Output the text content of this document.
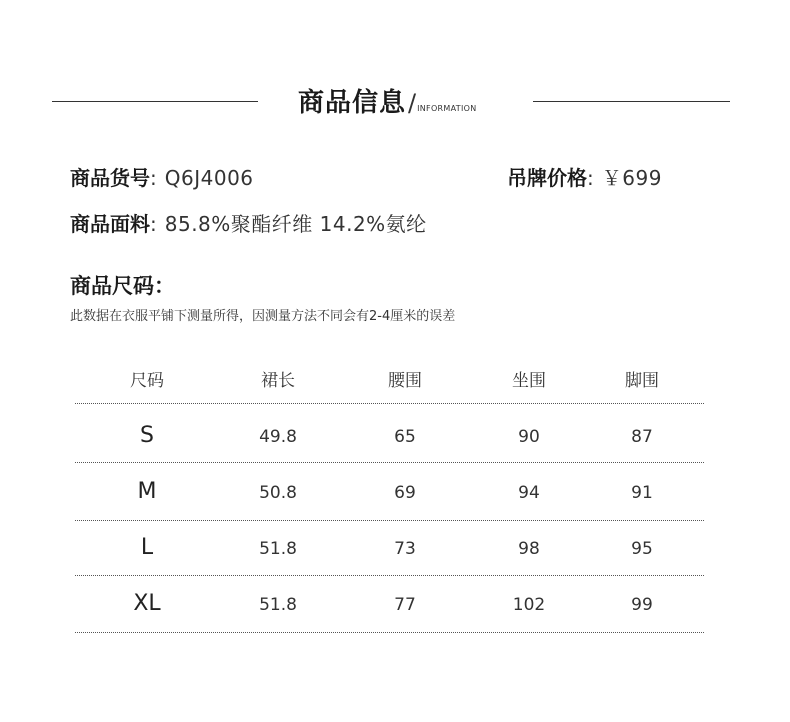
商品信息/INFORMATION
商品货号: Q6J4006	吊牌价格: ￥699
商品面料: 85.8%聚酯纤维 14.2%氨纶
商品尺码：
此数据在衣服平铺下测量所得，因测量方法不同会有2-4厘米的误差
尺码	裙长	腰围	坐围	脚围
S	49.8	65	90	87
M	50.8	69	94	91
L	51.8	73	98	95
XL	51.8	77	102	99
